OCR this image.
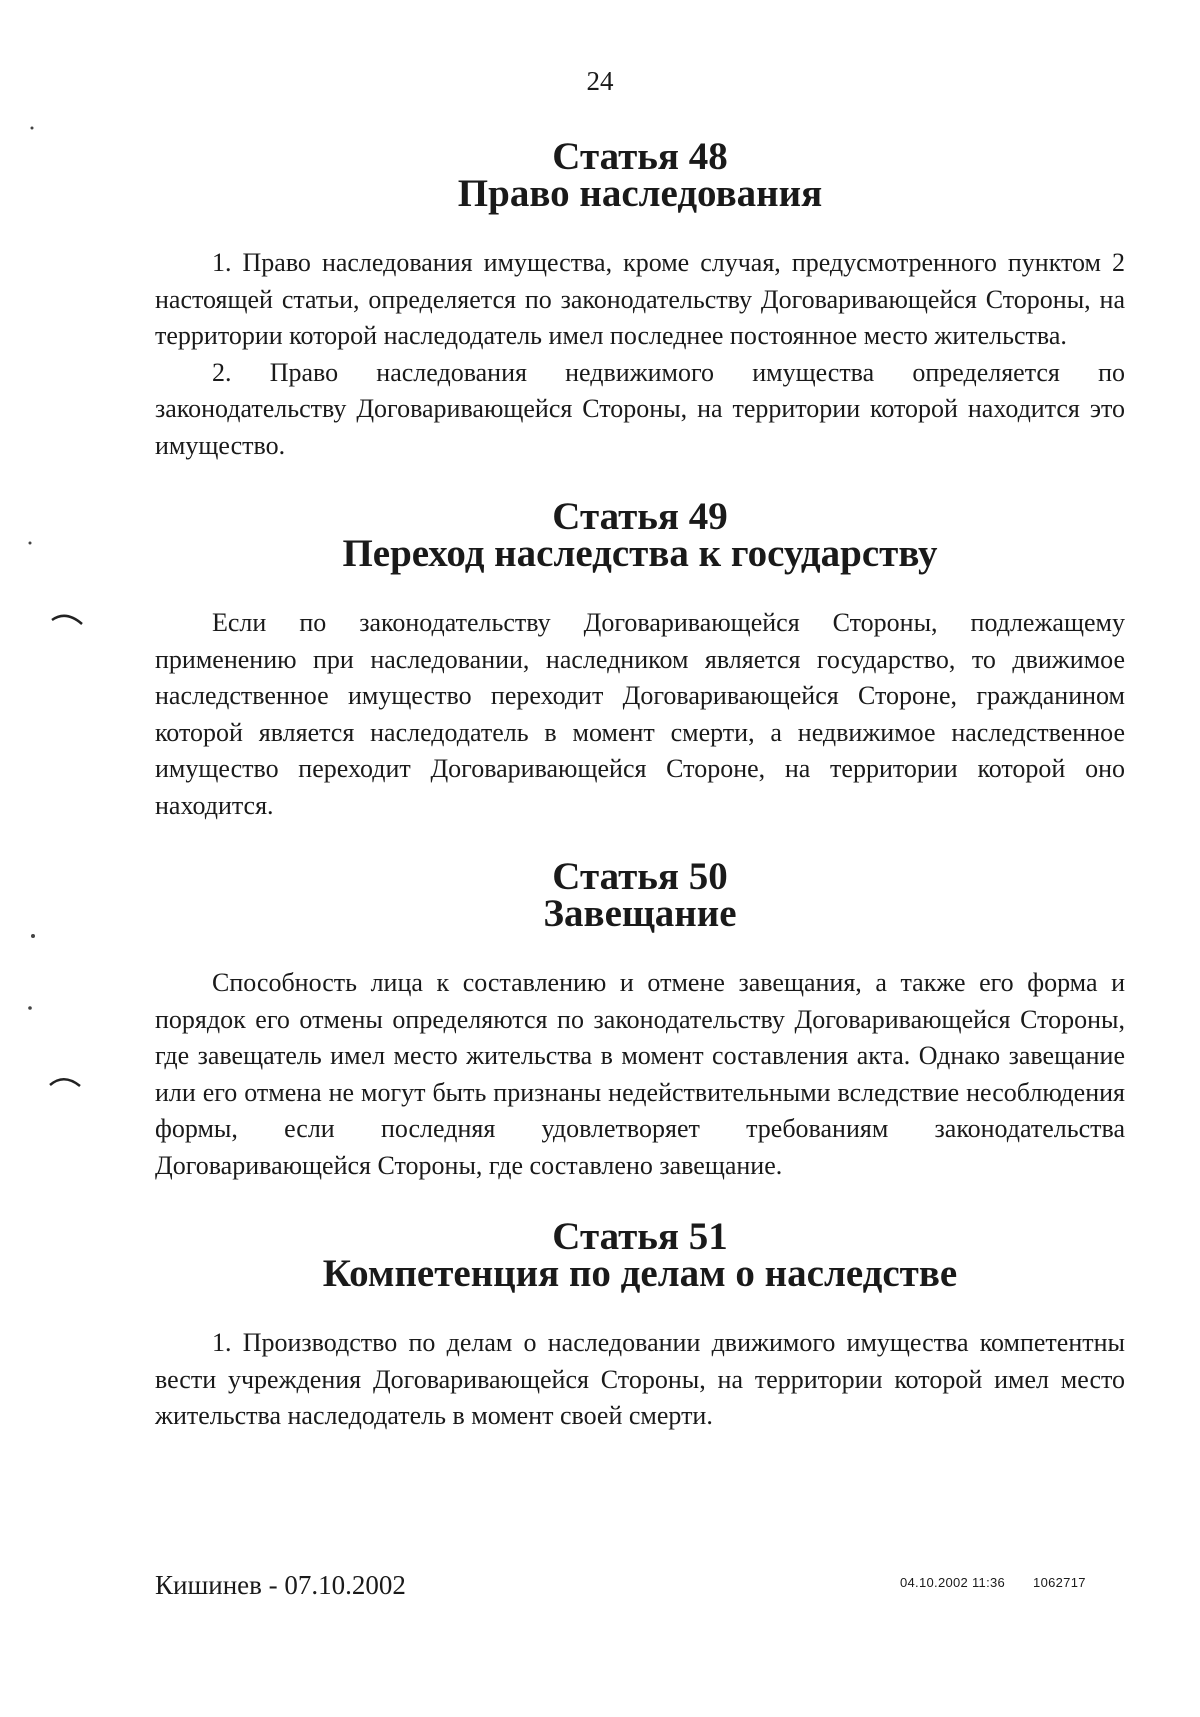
24
Статья 48
Право наследования

1. Право наследования имущества, кроме случая, предусмотренного пунктом 2 настоящей статьи, определяется по законодательству Договаривающейся Стороны, на территории которой наследодатель имел последнее постоянное место жительства.

2. Право наследования недвижимого имущества определяется по законодательству Договаривающейся Стороны, на территории которой находится это имущество.

Статья 49
Переход наследства к государству

Если по законодательству Договаривающейся Стороны, подлежащему применению при наследовании, наследником является государство, то движимое наследственное имущество переходит Договаривающейся Стороне, гражданином которой является наследодатель в момент смерти, а недвижимое наследственное имущество переходит Договаривающейся Стороне, на территории которой оно находится.

Статья 50
Завещание

Способность лица к составлению и отмене завещания, а также его форма и порядок его отмены определяются по законодательству Договаривающейся Стороны, где завещатель имел место жительства в момент составления акта. Однако завещание или его отмена не могут быть признаны недействительными вследствие несоблюдения формы, если последняя удовлетворяет требованиям законодательства Договаривающейся Стороны, где составлено завещание.

Статья 51
Компетенция по делам о наследстве

1. Производство по делам о наследовании движимого имущества компетентны вести учреждения Договаривающейся Стороны, на территории которой имел место жительства наследодатель в момент своей смерти.

Кишинев - 07.10.2002	04.10.2002 11:36 1062717
